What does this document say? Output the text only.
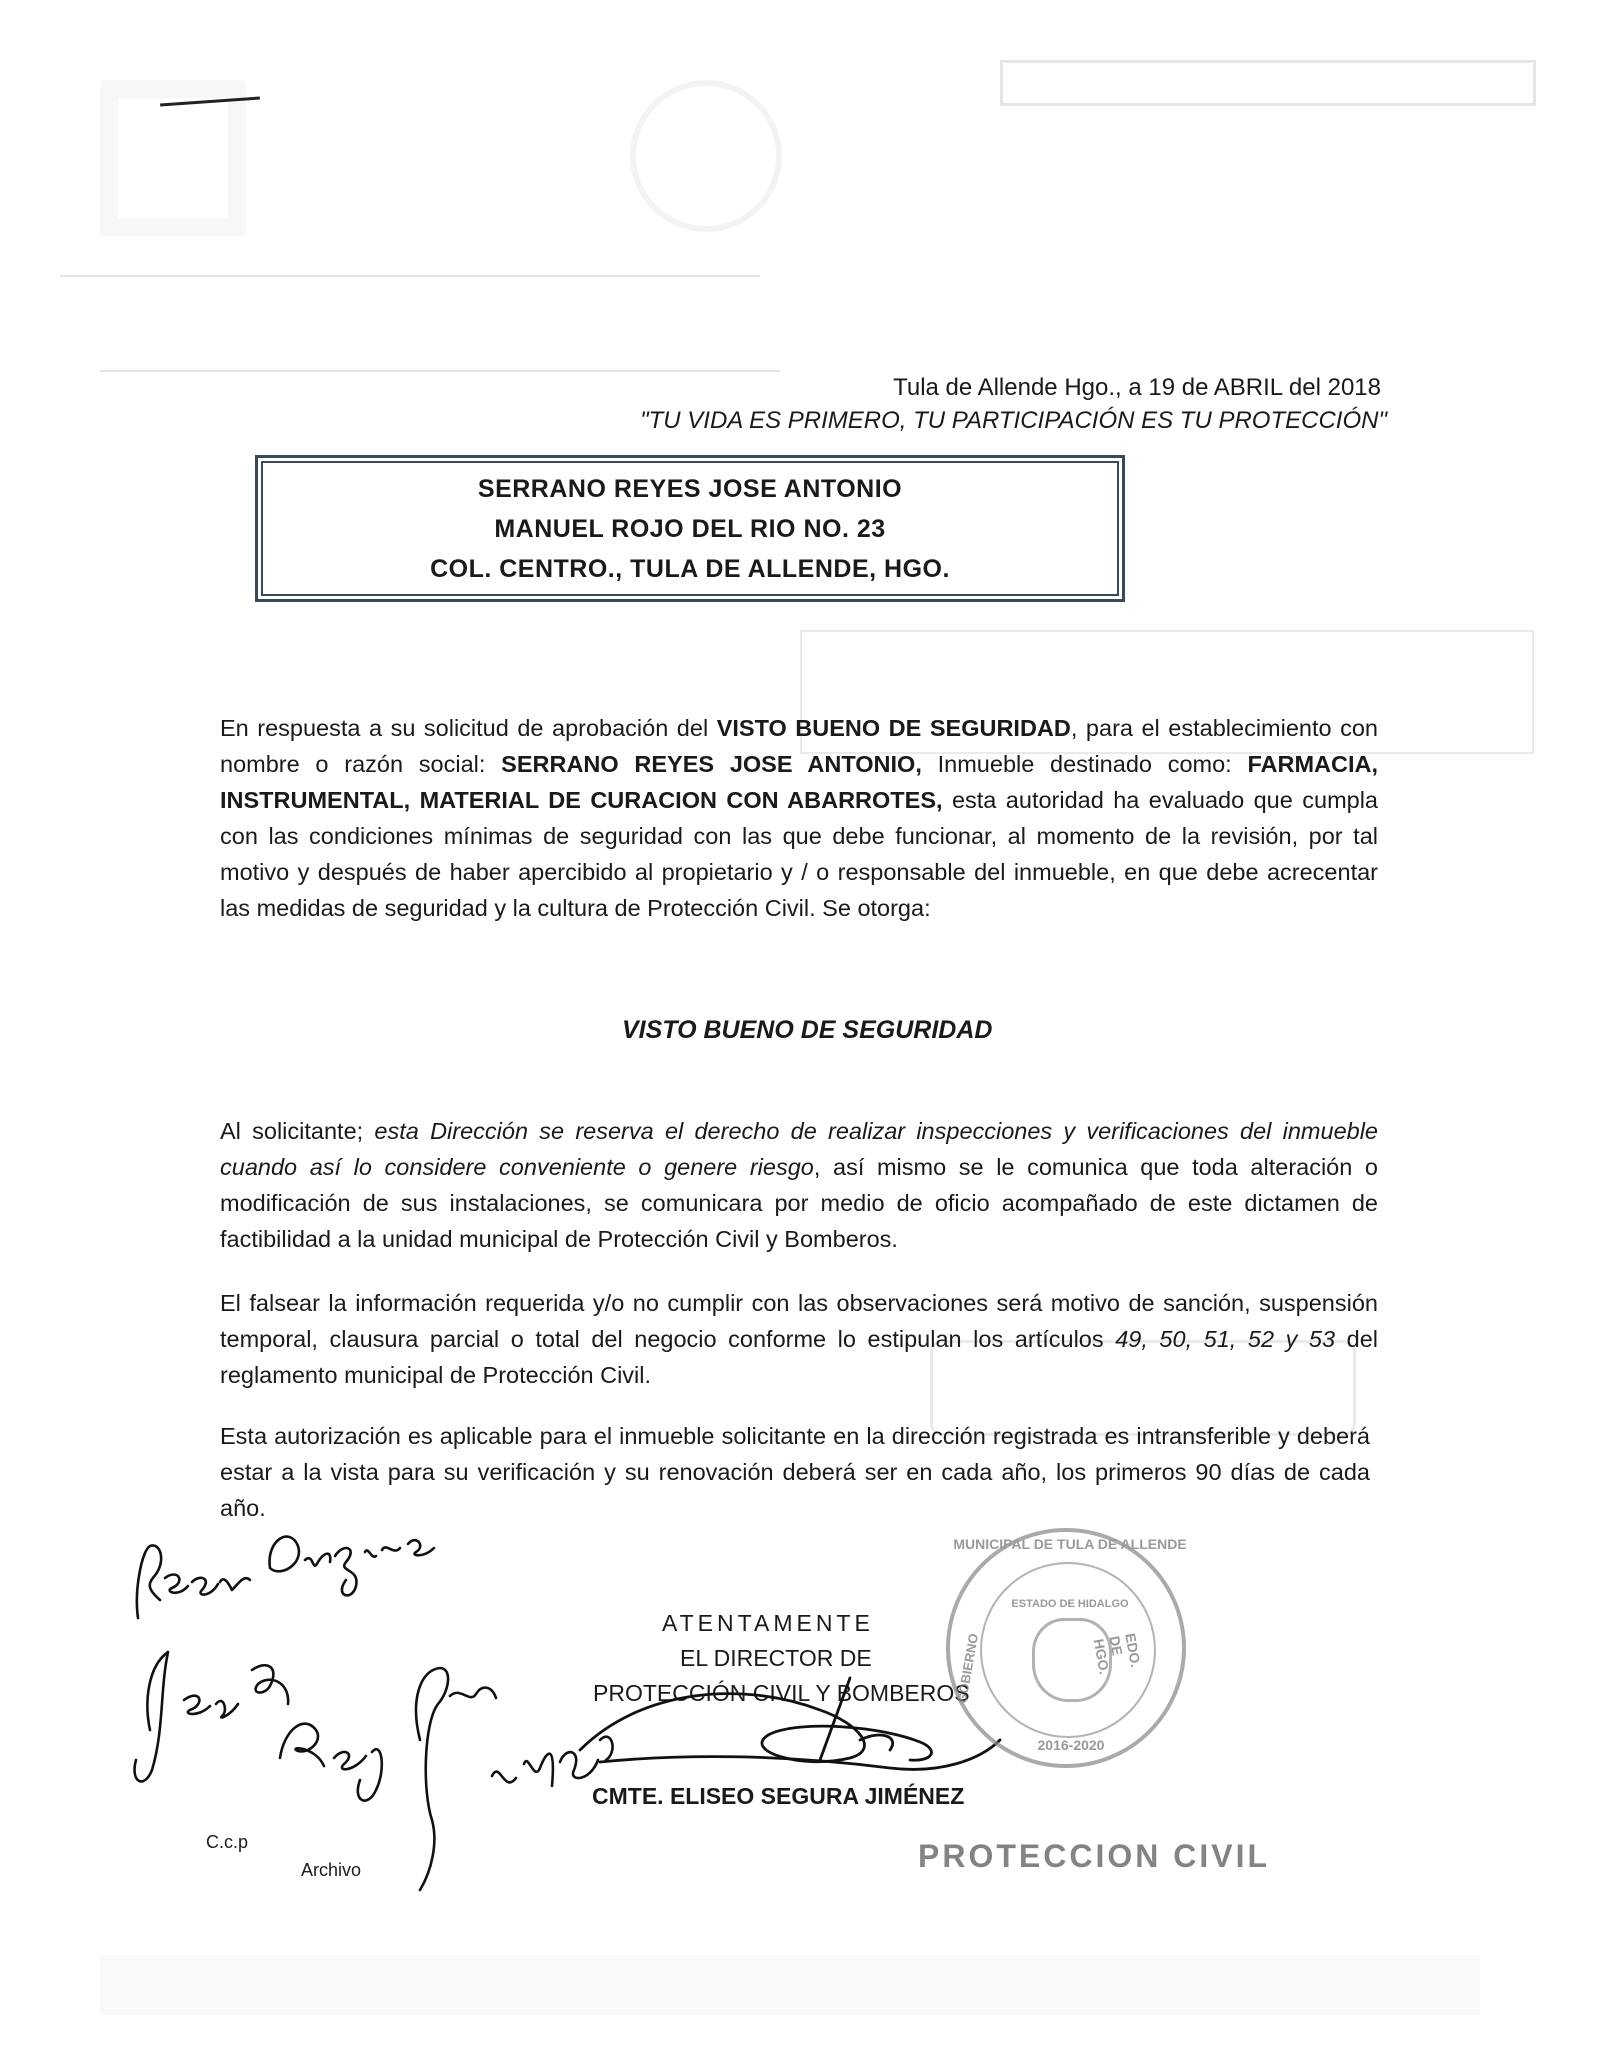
Tula de Allende Hgo., a 19 de ABRIL del 2018
"TU VIDA ES PRIMERO, TU PARTICIPACIÓN ES TU PROTECCIÓN"
SERRANO REYES JOSE ANTONIO
MANUEL ROJO DEL RIO NO. 23
COL. CENTRO., TULA DE ALLENDE, HGO.
En respuesta a su solicitud de aprobación del VISTO BUENO DE SEGURIDAD, para el establecimiento con nombre o razón social: SERRANO REYES JOSE ANTONIO, Inmueble destinado como: FARMACIA, INSTRUMENTAL, MATERIAL DE CURACION CON ABARROTES, esta autoridad ha evaluado que cumpla con las condiciones mínimas de seguridad con las que debe funcionar, al momento de la revisión, por tal motivo y después de haber apercibido al propietario y / o responsable del inmueble, en que debe acrecentar las medidas de seguridad y la cultura de Protección Civil. Se otorga:
VISTO BUENO DE SEGURIDAD
Al solicitante; esta Dirección se reserva el derecho de realizar inspecciones y verificaciones del inmueble cuando así lo considere conveniente o genere riesgo, así mismo se le comunica que toda alteración o modificación de sus instalaciones, se comunicara por medio de oficio acompañado de este dictamen de factibilidad a la unidad municipal de Protección Civil y Bomberos.
El falsear la información requerida y/o no cumplir con las observaciones será motivo de sanción, suspensión temporal, clausura parcial o total del negocio conforme lo estipulan los artículos 49, 50, 51, 52 y 53 del reglamento municipal de Protección Civil.
Esta autorización es aplicable para el inmueble solicitante en la dirección registrada es intransferible y deberá estar a la vista para su verificación y su renovación deberá ser en cada año, los primeros 90 días de cada año.
ATENTAMENTE
EL DIRECTOR DE
PROTECCIÓN CIVIL Y BOMBEROS
CMTE. ELISEO SEGURA JIMÉNEZ
MUNICIPAL DE TULA DE ALLENDE
EDO. DE HGO.
GOBIERNO
ESTADO DE HIDALGO
2016-2020
PROTECCION CIVIL
C.c.p
Archivo
